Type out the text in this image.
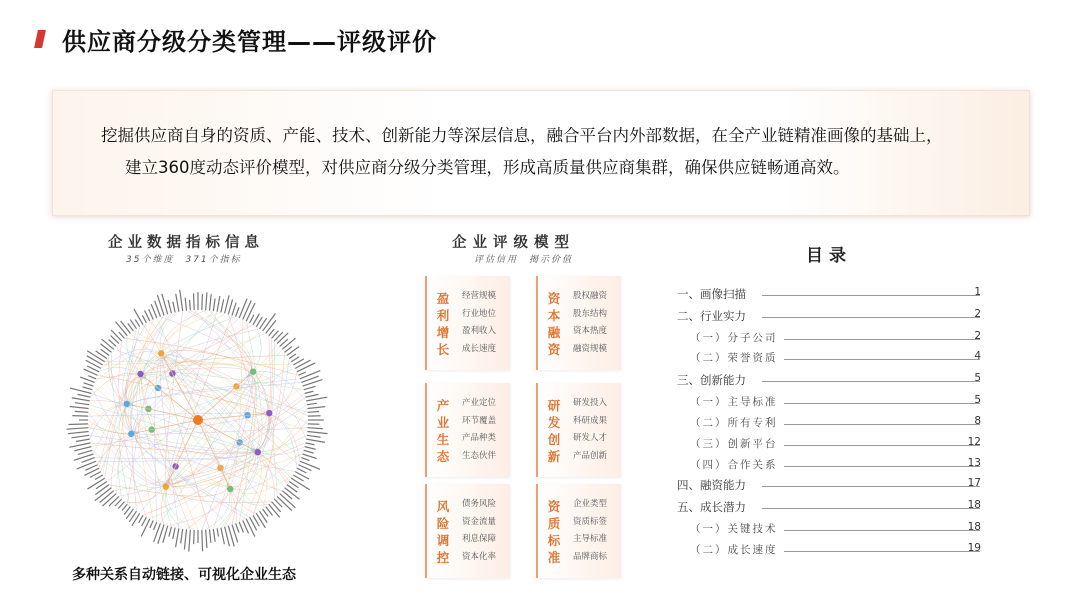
供应商分级分类管理——评级评价

挖掘供应商自身的资质、产能、技术、创新能力等深层信息，融合平台内外部数据，在全产业链精准画像的基础上，

建立360度动态评价模型，对供应商分级分类管理，形成高质量供应商集群，确保供应链畅通高效。

企业数据指标信息
35个维度　371个指标
多种关系自动链接、可视化企业生态
企业评级模型
评估信用　揭示价值
盈利增长
经营规模
行业地位
盈利收入
成长速度
资本融资
股权融资
股东结构
资本热度
融资规模
产业生态
产业定位
环节覆盖
产品种类
生态伙伴
研发创新
研发投入
科研成果
研发人才
产品创新
风险调控
债务风险
资金流量
利息保障
资本化率
资质标准
企业类型
资质标签
主导标准
品牌商标
目录
一、画像扫描	1
二、行业实力	2
（一）分子公司	2
（二）荣誉资质	4
三、创新能力	5
（一）主导标准	5
（二）所有专利	8
（三）创新平台	12
（四）合作关系	13
四、融资能力	17
五、成长潜力	18
（一）关键技术	18
（二）成长速度	19
